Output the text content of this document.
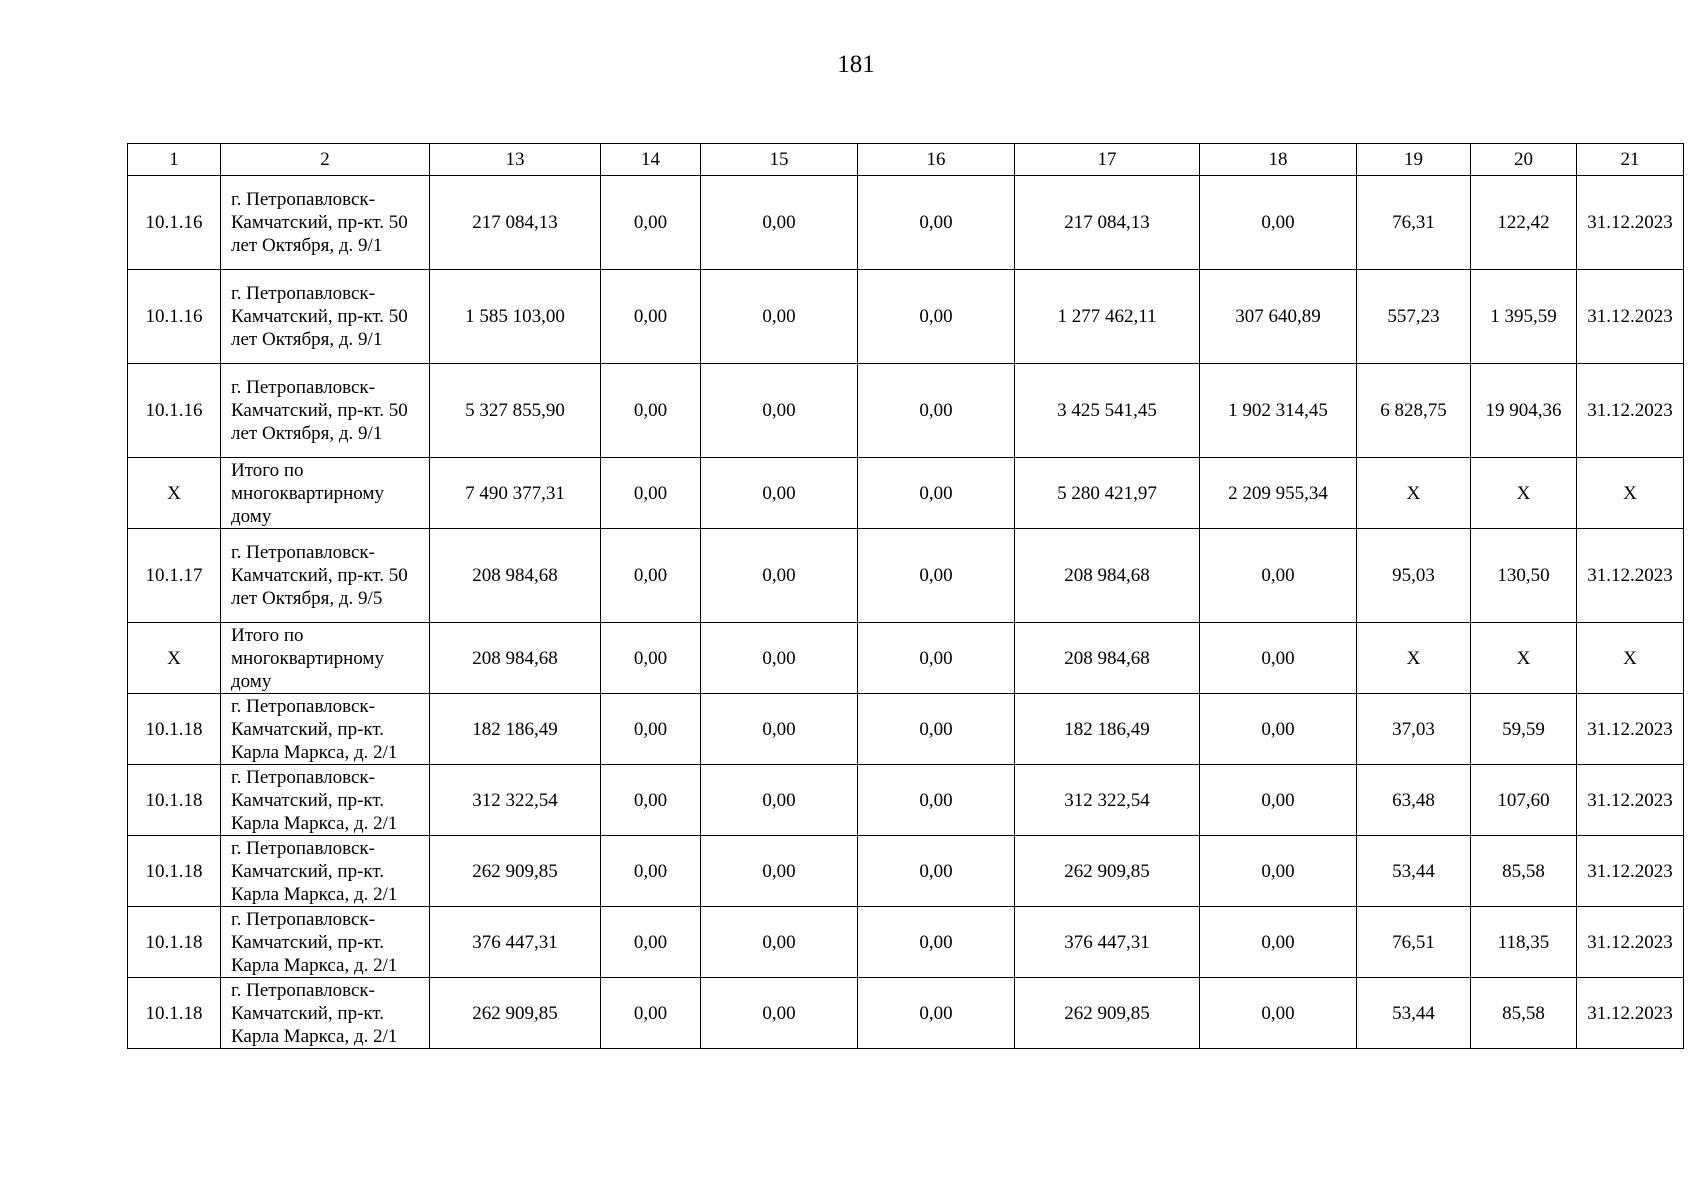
181
1	2	13	14	15	16	17	18	19	20	21
10.1.16	г. Петропавловск-Камчатский, пр-кт. 50 лет Октября, д. 9/1	217 084,13	0,00	0,00	0,00	217 084,13	0,00	76,31	122,42	31.12.2023
10.1.16	г. Петропавловск-Камчатский, пр-кт. 50 лет Октября, д. 9/1	1 585 103,00	0,00	0,00	0,00	1 277 462,11	307 640,89	557,23	1 395,59	31.12.2023
10.1.16	г. Петропавловск-Камчатский, пр-кт. 50 лет Октября, д. 9/1	5 327 855,90	0,00	0,00	0,00	3 425 541,45	1 902 314,45	6 828,75	19 904,36	31.12.2023
X	Итого по многоквартирному дому	7 490 377,31	0,00	0,00	0,00	5 280 421,97	2 209 955,34	X	X	X
10.1.17	г. Петропавловск-Камчатский, пр-кт. 50 лет Октября, д. 9/5	208 984,68	0,00	0,00	0,00	208 984,68	0,00	95,03	130,50	31.12.2023
X	Итого по многоквартирному дому	208 984,68	0,00	0,00	0,00	208 984,68	0,00	X	X	X
10.1.18	г. Петропавловск-Камчатский, пр-кт. Карла Маркса, д. 2/1	182 186,49	0,00	0,00	0,00	182 186,49	0,00	37,03	59,59	31.12.2023
10.1.18	г. Петропавловск-Камчатский, пр-кт. Карла Маркса, д. 2/1	312 322,54	0,00	0,00	0,00	312 322,54	0,00	63,48	107,60	31.12.2023
10.1.18	г. Петропавловск-Камчатский, пр-кт. Карла Маркса, д. 2/1	262 909,85	0,00	0,00	0,00	262 909,85	0,00	53,44	85,58	31.12.2023
10.1.18	г. Петропавловск-Камчатский, пр-кт. Карла Маркса, д. 2/1	376 447,31	0,00	0,00	0,00	376 447,31	0,00	76,51	118,35	31.12.2023
10.1.18	г. Петропавловск-Камчатский, пр-кт. Карла Маркса, д. 2/1	262 909,85	0,00	0,00	0,00	262 909,85	0,00	53,44	85,58	31.12.2023
